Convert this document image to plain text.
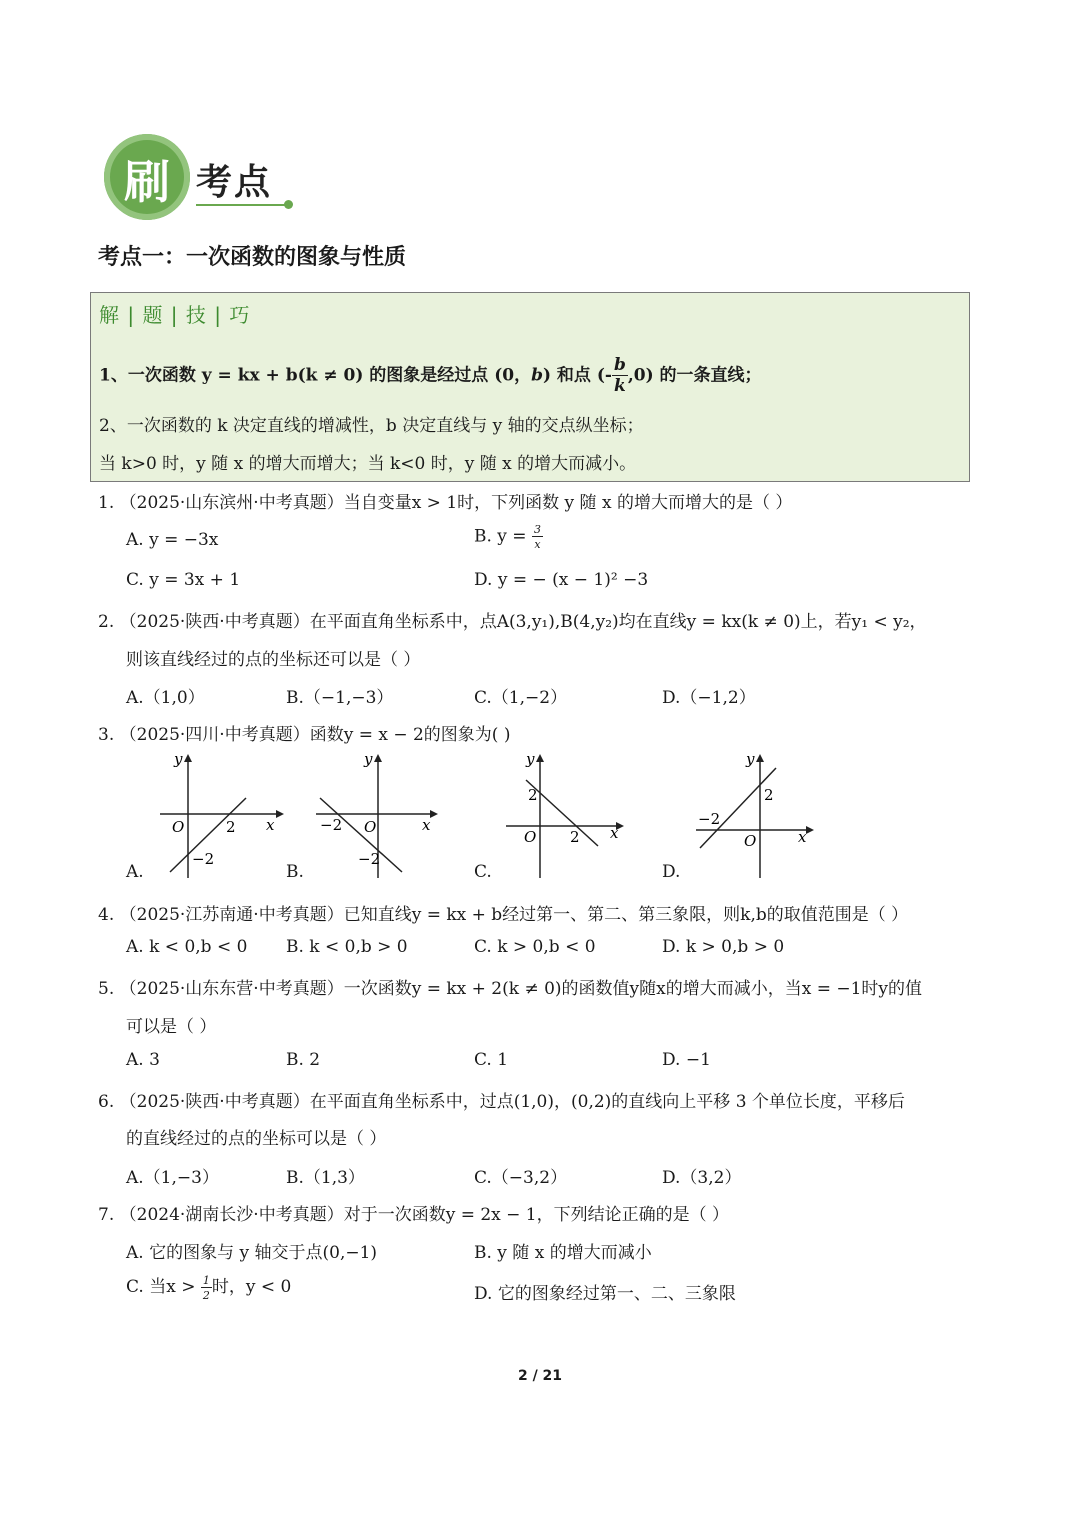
刷 考点
考点一：一次函数的图象与性质
解 | 题 | 技 | 巧
1、一次函数 y = kx + b(k ≠ 0) 的图象是经过点 (0，b) 和点 (- $\frac{b}{k} ,0$) 的一条直线；
2、一次函数的 k 决定直线的增减性，b 决定直线与 y 轴的交点纵坐标；
当 k>0 时，y 随 x 的增大而增大；当 k<0 时，y 随 x 的增大而减小。
1. （2025·山东滨州·中考真题）当自变量x > 1时，下列函数 y 随 x 的增大而增大的是（ ）
A. y = −3x	B. $y = \frac{3}{x}$
C. y = 3x + 1	D. y = − (x − 1)² −3
2. （2025·陕西·中考真题）在平面直角坐标系中，点A(3,y₁),B(4,y₂)均在直线y = kx(k ≠ 0)上，若y₁ < y₂，
则该直线经过的点的坐标还可以是（ ）
A.（1,0）	B.（−1,−3）	C.（1,−2）	D.（−1,2）
3. （2025·四川·中考真题）函数y = x − 2的图象为( )
y
x
O	2
−2
A.
y
x
O
−2
−2
B.
y
x
O
2
2
C.
y
x
O
−2
2
D.
4. （2025·江苏南通·中考真题）已知直线y = kx + b经过第一、第二、第三象限，则k,b的取值范围是（ ）
A. k < 0,b < 0 B. k < 0,b > 0	C. k > 0,b < 0	D. k > 0,b > 0
5. （2025·山东东营·中考真题）一次函数y = kx + 2(k ≠ 0)的函数值y随x的增大而减小，当x = −1时y的值
可以是（ ）
A. 3	B. 2	C. 1	D. −1
6. （2025·陕西·中考真题）在平面直角坐标系中，过点(1,0)，(0,2)的直线向上平移 3 个单位长度，平移后
的直线经过的点的坐标可以是（ ）
A.（1,−3）	B.（1,3）	C.（−3,2）	D.（3,2）
7. （2024·湖南长沙·中考真题）对于一次函数y = 2x − 1，下列结论正确的是（ ）
A. 它的图象与 y 轴交于点(0,−1)	B. y 随 x 的增大而减小
C. 当$x > \frac{1}{2}$ 时，y < 0	D. 它的图象经过第一、二、三象限
2 / 21
